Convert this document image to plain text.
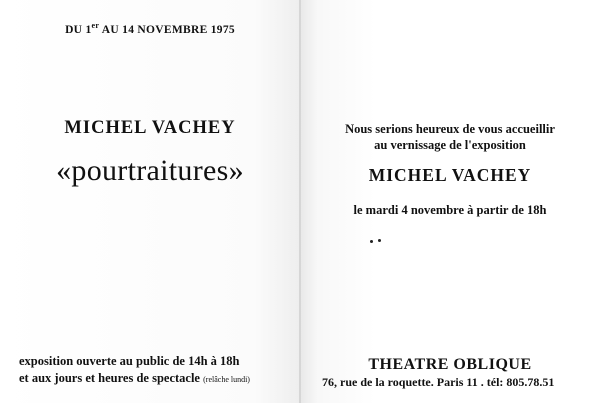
DU 1er AU 14 NOVEMBRE 1975
MICHEL VACHEY
«pourtraitures»
exposition ouverte au public de 14h à 18h
et aux jours et heures de spectacle (relâche lundi)
Nous serions heureux de vous accueillir
au vernissage de l'exposition
MICHEL VACHEY
le mardi 4 novembre à partir de 18h
THEATRE OBLIQUE
76, rue de la roquette. Paris 11 . tél: 805.78.51
